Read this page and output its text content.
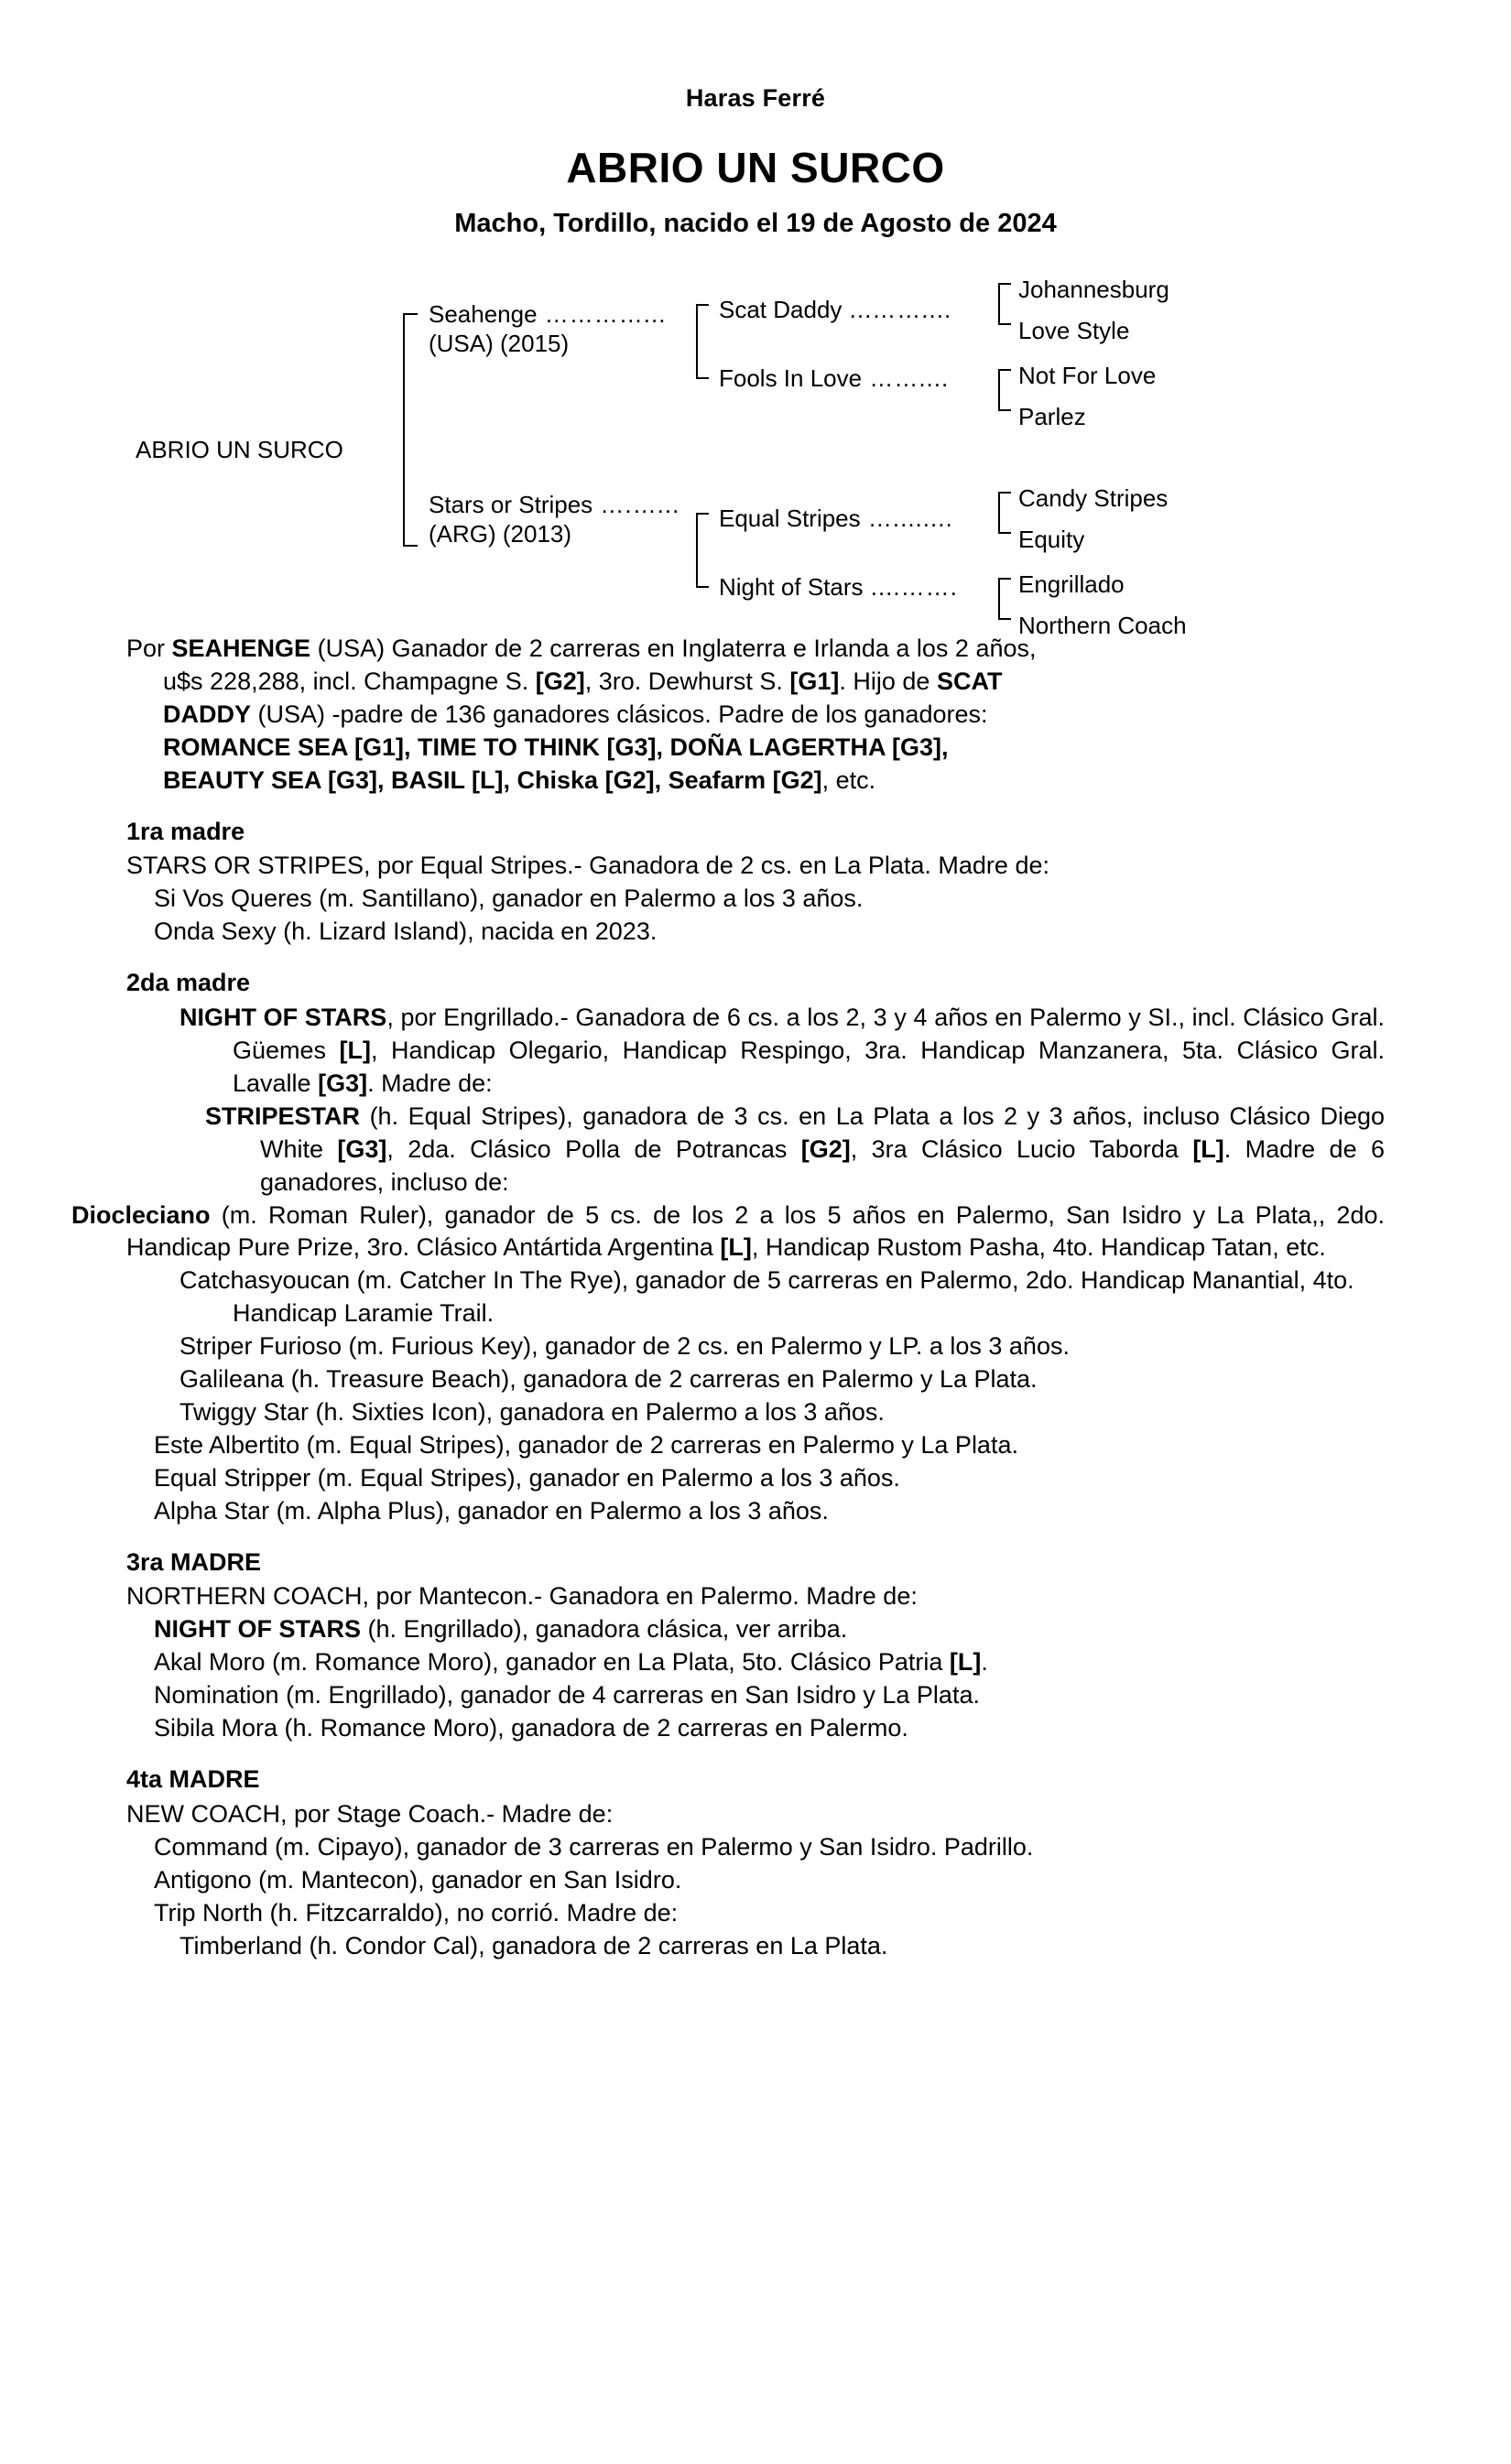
Haras Ferré
ABRIO UN SURCO
Macho, Tordillo, nacido el 19 de Agosto de 2024
ABRIO UN SURCO
Seahenge …………...
(USA) (2015)
Stars or Stripes ….…...
(ARG) (2013)
Scat Daddy ...……....
Fools In Love ……....
Equal Stripes …........
Night of Stars ....…….
Johannesburg
Love Style
Not For Love
Parlez
Candy Stripes
Equity
Engrillado
Northern Coach
Por SEAHENGE (USA) Ganador de 2 carreras en Inglaterra e Irlanda a los 2 años,
u$s 228,288, incl. Champagne S. [G2], 3ro. Dewhurst S. [G1]. Hijo de SCAT
DADDY (USA) -padre de 136 ganadores clásicos. Padre de los ganadores:
ROMANCE SEA [G1], TIME TO THINK [G3], DOÑA LAGERTHA [G3],
BEAUTY SEA [G3], BASIL [L], Chiska [G2], Seafarm [G2], etc.
1ra madre

STARS OR STRIPES, por Equal Stripes.- Ganadora de 2 cs. en La Plata. Madre de:

Si Vos Queres (m. Santillano), ganador en Palermo a los 3 años.

Onda Sexy (h. Lizard Island), nacida en 2023.

2da madre

NIGHT OF STARS, por Engrillado.- Ganadora de 6 cs. a los 2, 3 y 4 años en Palermo y SI., incl. Clásico Gral. Güemes [L], Handicap Olegario, Handicap Respingo, 3ra. Handicap Manzanera, 5ta. Clásico Gral. Lavalle [G3]. Madre de:

STRIPESTAR (h. Equal Stripes), ganadora de 3 cs. en La Plata a los 2 y 3 años, incluso Clásico Diego White [G3], 2da. Clásico Polla de Potrancas [G2], 3ra Clásico Lucio Taborda [L]. Madre de 6 ganadores, incluso de:

Diocleciano (m. Roman Ruler), ganador de 5 cs. de los 2 a los 5 años en Palermo, San Isidro y La Plata,, 2do. Handicap Pure Prize, 3ro. Clásico Antártida Argentina [L], Handicap Rustom Pasha, 4to. Handicap Tatan, etc.

Catchasyoucan (m. Catcher In The Rye), ganador de 5 carreras en Palermo, 2do. Handicap Manantial, 4to. Handicap Laramie Trail.

Striper Furioso (m. Furious Key), ganador de 2 cs. en Palermo y LP. a los 3 años.

Galileana (h. Treasure Beach), ganadora de 2 carreras en Palermo y La Plata.

Twiggy Star (h. Sixties Icon), ganadora en Palermo a los 3 años.

Este Albertito (m. Equal Stripes), ganador de 2 carreras en Palermo y La Plata.

Equal Stripper (m. Equal Stripes), ganador en Palermo a los 3 años.

Alpha Star (m. Alpha Plus), ganador en Palermo a los 3 años.

3ra MADRE

NORTHERN COACH, por Mantecon.- Ganadora en Palermo. Madre de:

NIGHT OF STARS (h. Engrillado), ganadora clásica, ver arriba.

Akal Moro (m. Romance Moro), ganador en La Plata, 5to. Clásico Patria [L].

Nomination (m. Engrillado), ganador de 4 carreras en San Isidro y La Plata.

Sibila Mora (h. Romance Moro), ganadora de 2 carreras en Palermo.

4ta MADRE

NEW COACH, por Stage Coach.- Madre de:

Command (m. Cipayo), ganador de 3 carreras en Palermo y San Isidro. Padrillo.

Antigono (m. Mantecon), ganador en San Isidro.

Trip North (h. Fitzcarraldo), no corrió. Madre de:

Timberland (h. Condor Cal), ganadora de 2 carreras en La Plata.
